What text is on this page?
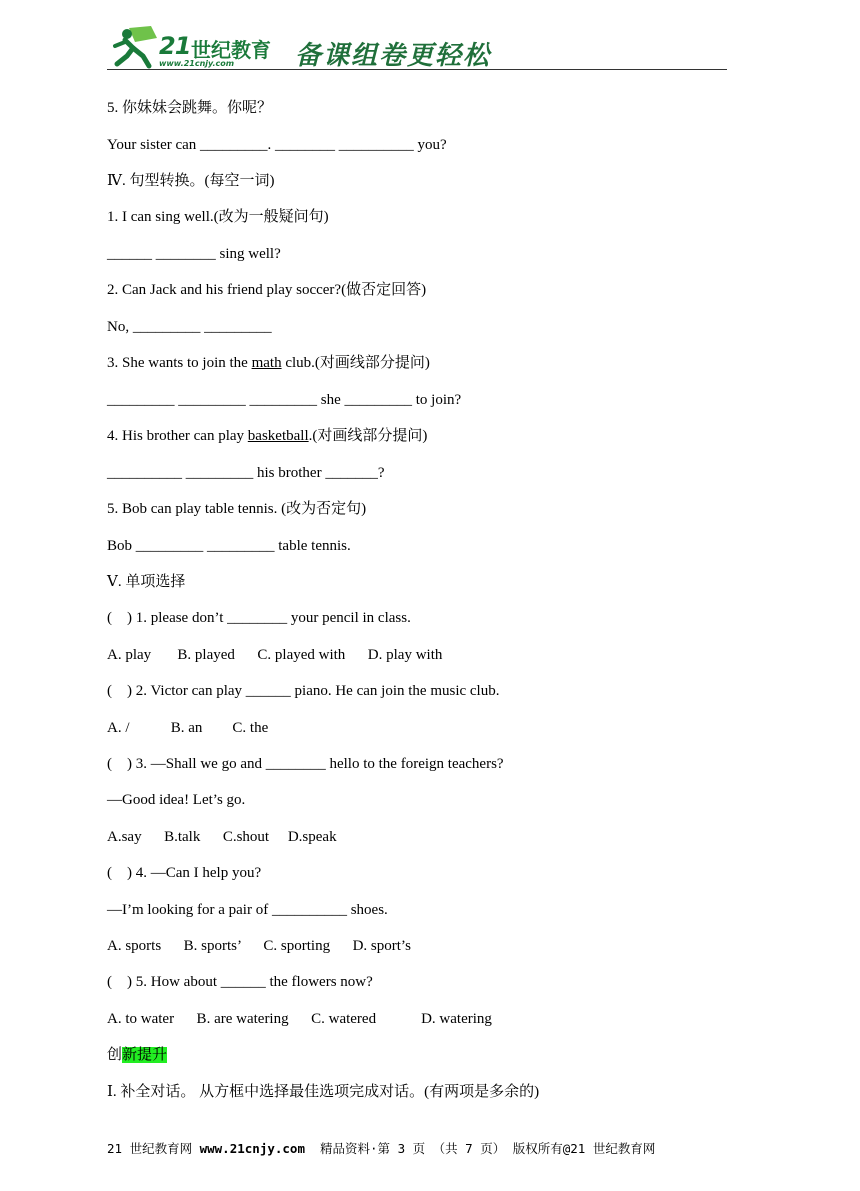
21 世纪教育
www.21cnjy.com 备课组卷更轻松
5. 你妹妹会跳舞。你呢？
Your sister can _________. ________ __________ you?
Ⅳ. 句型转换。(每空一词)
1. I can sing well.(改为一般疑问句)
______ ________ sing well?
2. Can Jack and his friend play soccer?(做否定回答)
No, _________ _________
_________ _________ _________ she _________ to join?
__________ _________ his brother _______?
5. Bob can play table tennis. (改为否定句)
Bob _________ _________ table tennis.
Ⅴ. 单项选择
(    ) 1. please don’t ________ your pencil in class.
A. play       B. played      C. played with      D. play with
(    ) 2. Victor can play ______ piano. He can join the music club.
A. /           B. an        C. the
(    ) 3. —Shall we go and ________ hello to the foreign teachers?
—Good idea! Let’s go.
A.say      B.talk      C.shout     D.speak
(    ) 4. —Can I help you?
—I’m looking for a pair of __________ shoes.
A. sports      B. sports’      C. sporting      D. sport’s
(    ) 5. How about ______ the flowers now?
A. to water      B. are watering      C. watered            D. watering
Ⅰ. 补全对话。 从方框中选择最佳选项完成对话。(有两项是多余的)
3. She wants to join the math club.(对画线部分提问)
4. His brother can play basketball.(对画线部分提问)
创新提升
21 世纪教育网 www.21cnjy.com  精品资料·第 3 页 （共 7 页） 版权所有@21 世纪教育网
